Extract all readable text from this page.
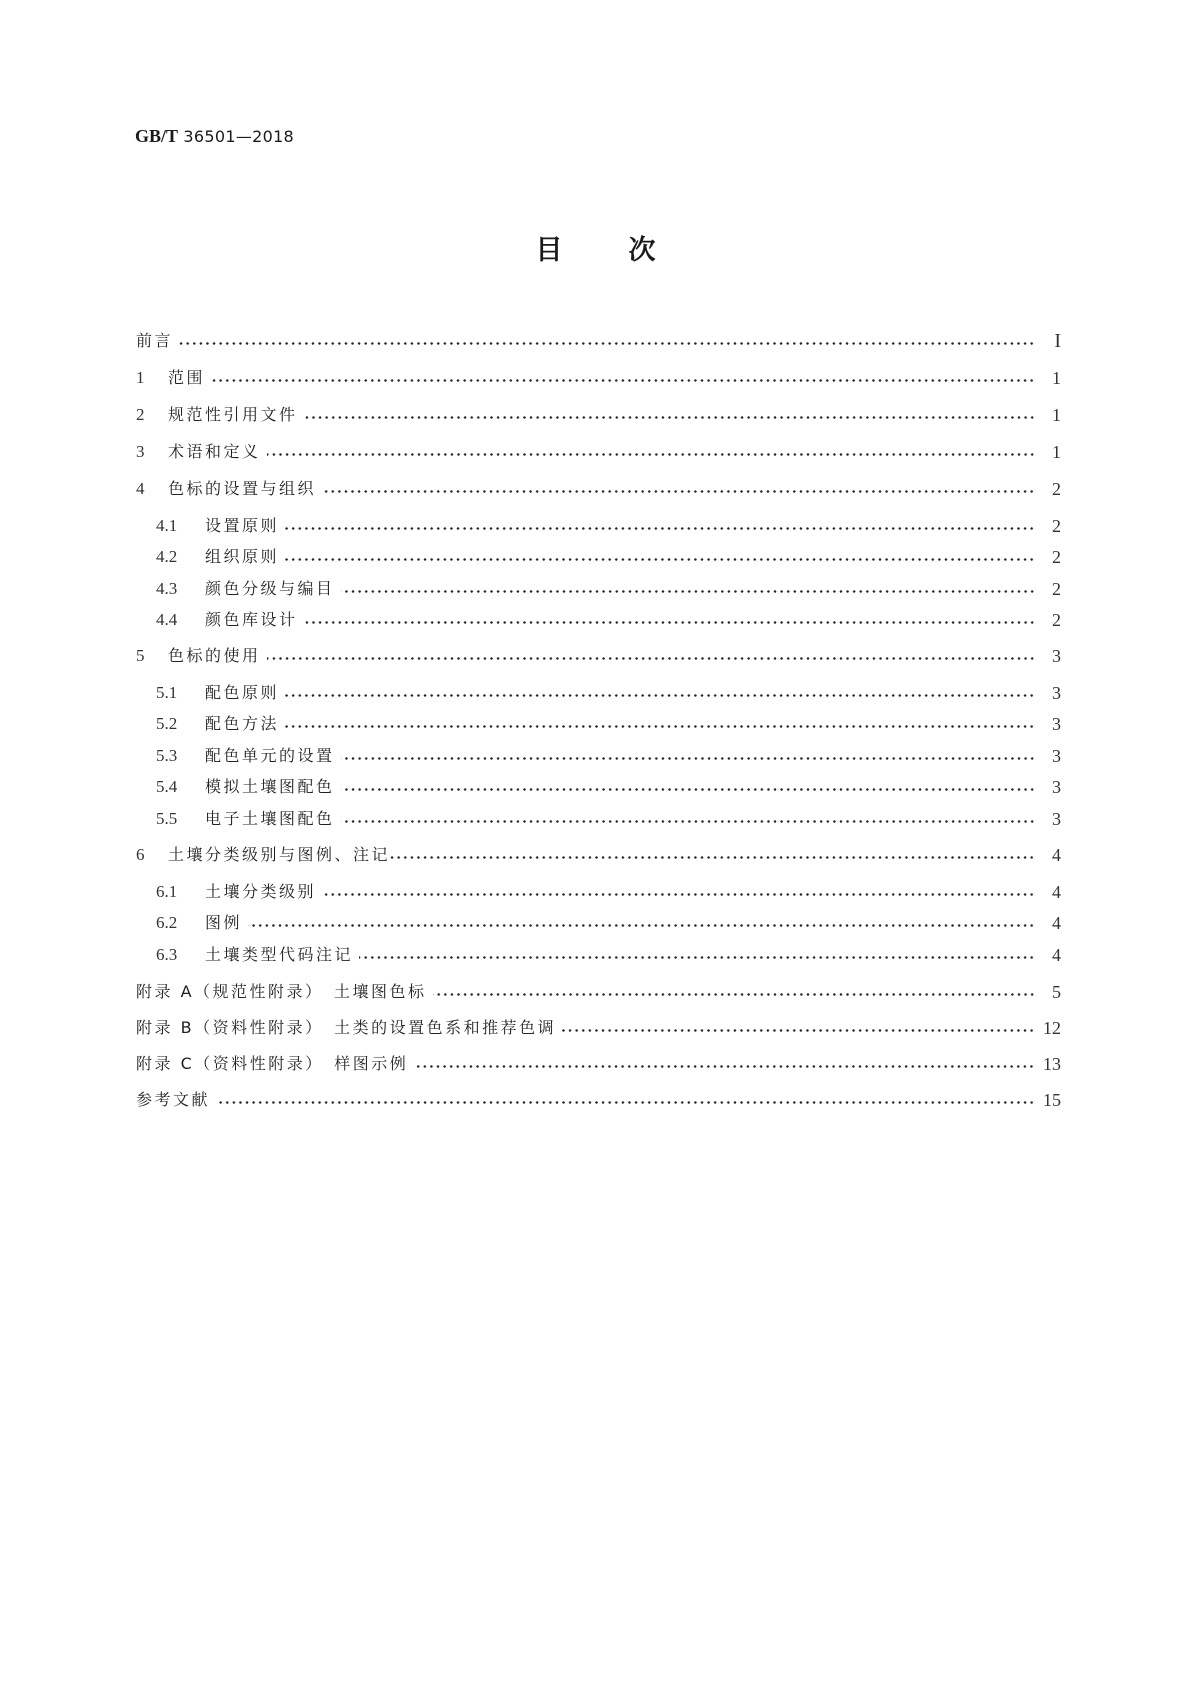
GB/T 36501—2018
目 次
前言	I
1	范围	1
2	规范性引用文件	1
3	术语和定义	1
4	色标的设置与组织	2
4.1	设置原则	2
4.2	组织原则	2
4.3	颜色分级与编目	2
4.4	颜色库设计	2
5	色标的使用	3
5.1	配色原则	3
5.2	配色方法	3
5.3	配色单元的设置	3
5.4	模拟土壤图配色	3
5.5	电子土壤图配色	3
6	土壤分类级别与图例、注记	4
6.1	土壤分类级别	4
6.2	图例	4
6.3	土壤类型代码注记	4
附录 A（规范性附录）　土壤图色标	5
附录 B（资料性附录）　土类的设置色系和推荐色调	12
附录 C（资料性附录）　样图示例	13
参考文献	15
